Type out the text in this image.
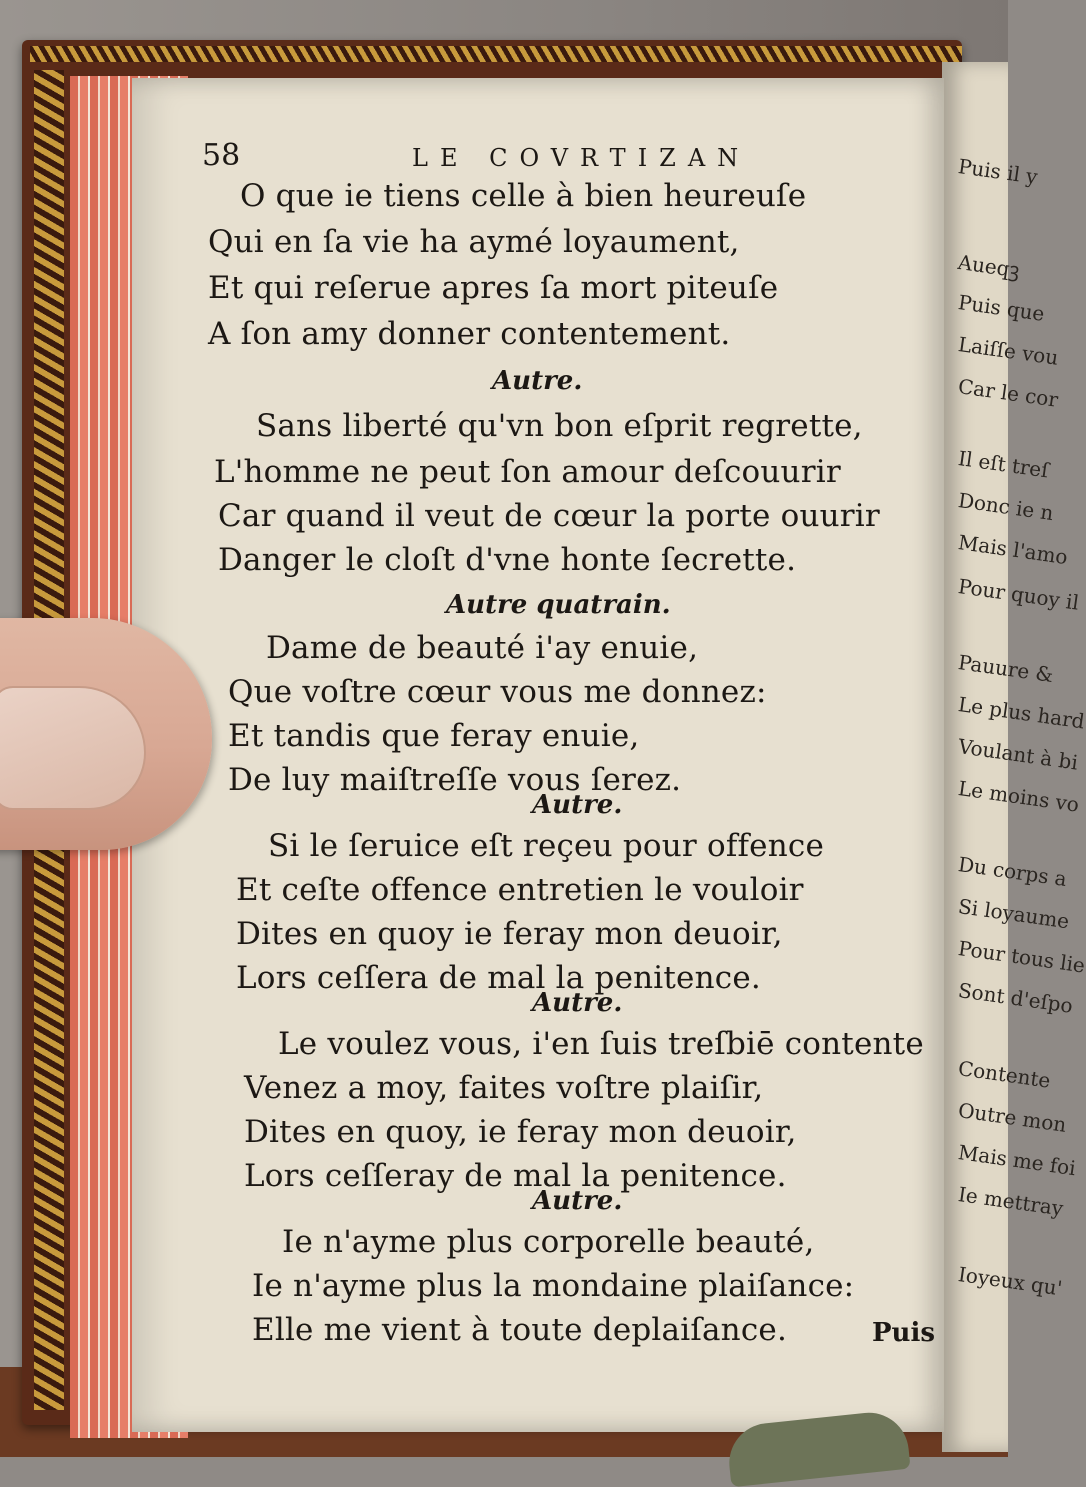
Puis il y
Aueqꝫ
Puis que
Laiſſe vou
Car le cor
Il eſt treſ
Donc ie n
Mais l'amo
Pour quoy il
Pauure &
Le plus hard
Voulant à bi
Le moins vo
Du corps a
Si loyaume
Pour tous lie
Sont d'eſpo
Contente
Outre mon
Mais me foi
Ie mettray
Ioyeux qu'
58	LE COVRTIZAN
O que ie tiens celle à bien heureuſe
Qui en ſa vie ha aymé loyaument,
Et qui reſerue apres ſa mort piteuſe
A ſon amy donner contentement.
Autre.
Sans liberté qu'vn bon eſprit regrette,
L'homme ne peut ſon amour deſcouurir
Car quand il veut de cœur la porte ouurir
Danger le cloſt d'vne honte ſecrette.
Autre quatrain.
Dame de beauté i'ay enuie,
Que voſtre cœur vous me donnez:
Et tandis que feray enuie,
De luy maiſtreſſe vous ſerez.
Autre.
Si le ſeruice eſt reçeu pour offence
Et ceſte offence entretien le vouloir
Dites en quoy ie feray mon deuoir,
Lors ceſſera de mal la penitence.
Autre.
Le voulez vous, i'en ſuis treſbiē contente
Venez a moy, faites voſtre plaiſir,
Dites en quoy, ie feray mon deuoir,
Lors ceſſeray de mal la penitence.
Autre.
Ie n'ayme plus corporelle beauté,
Ie n'ayme plus la mondaine plaiſance:
Elle me vient à toute deplaiſance.	Puis
